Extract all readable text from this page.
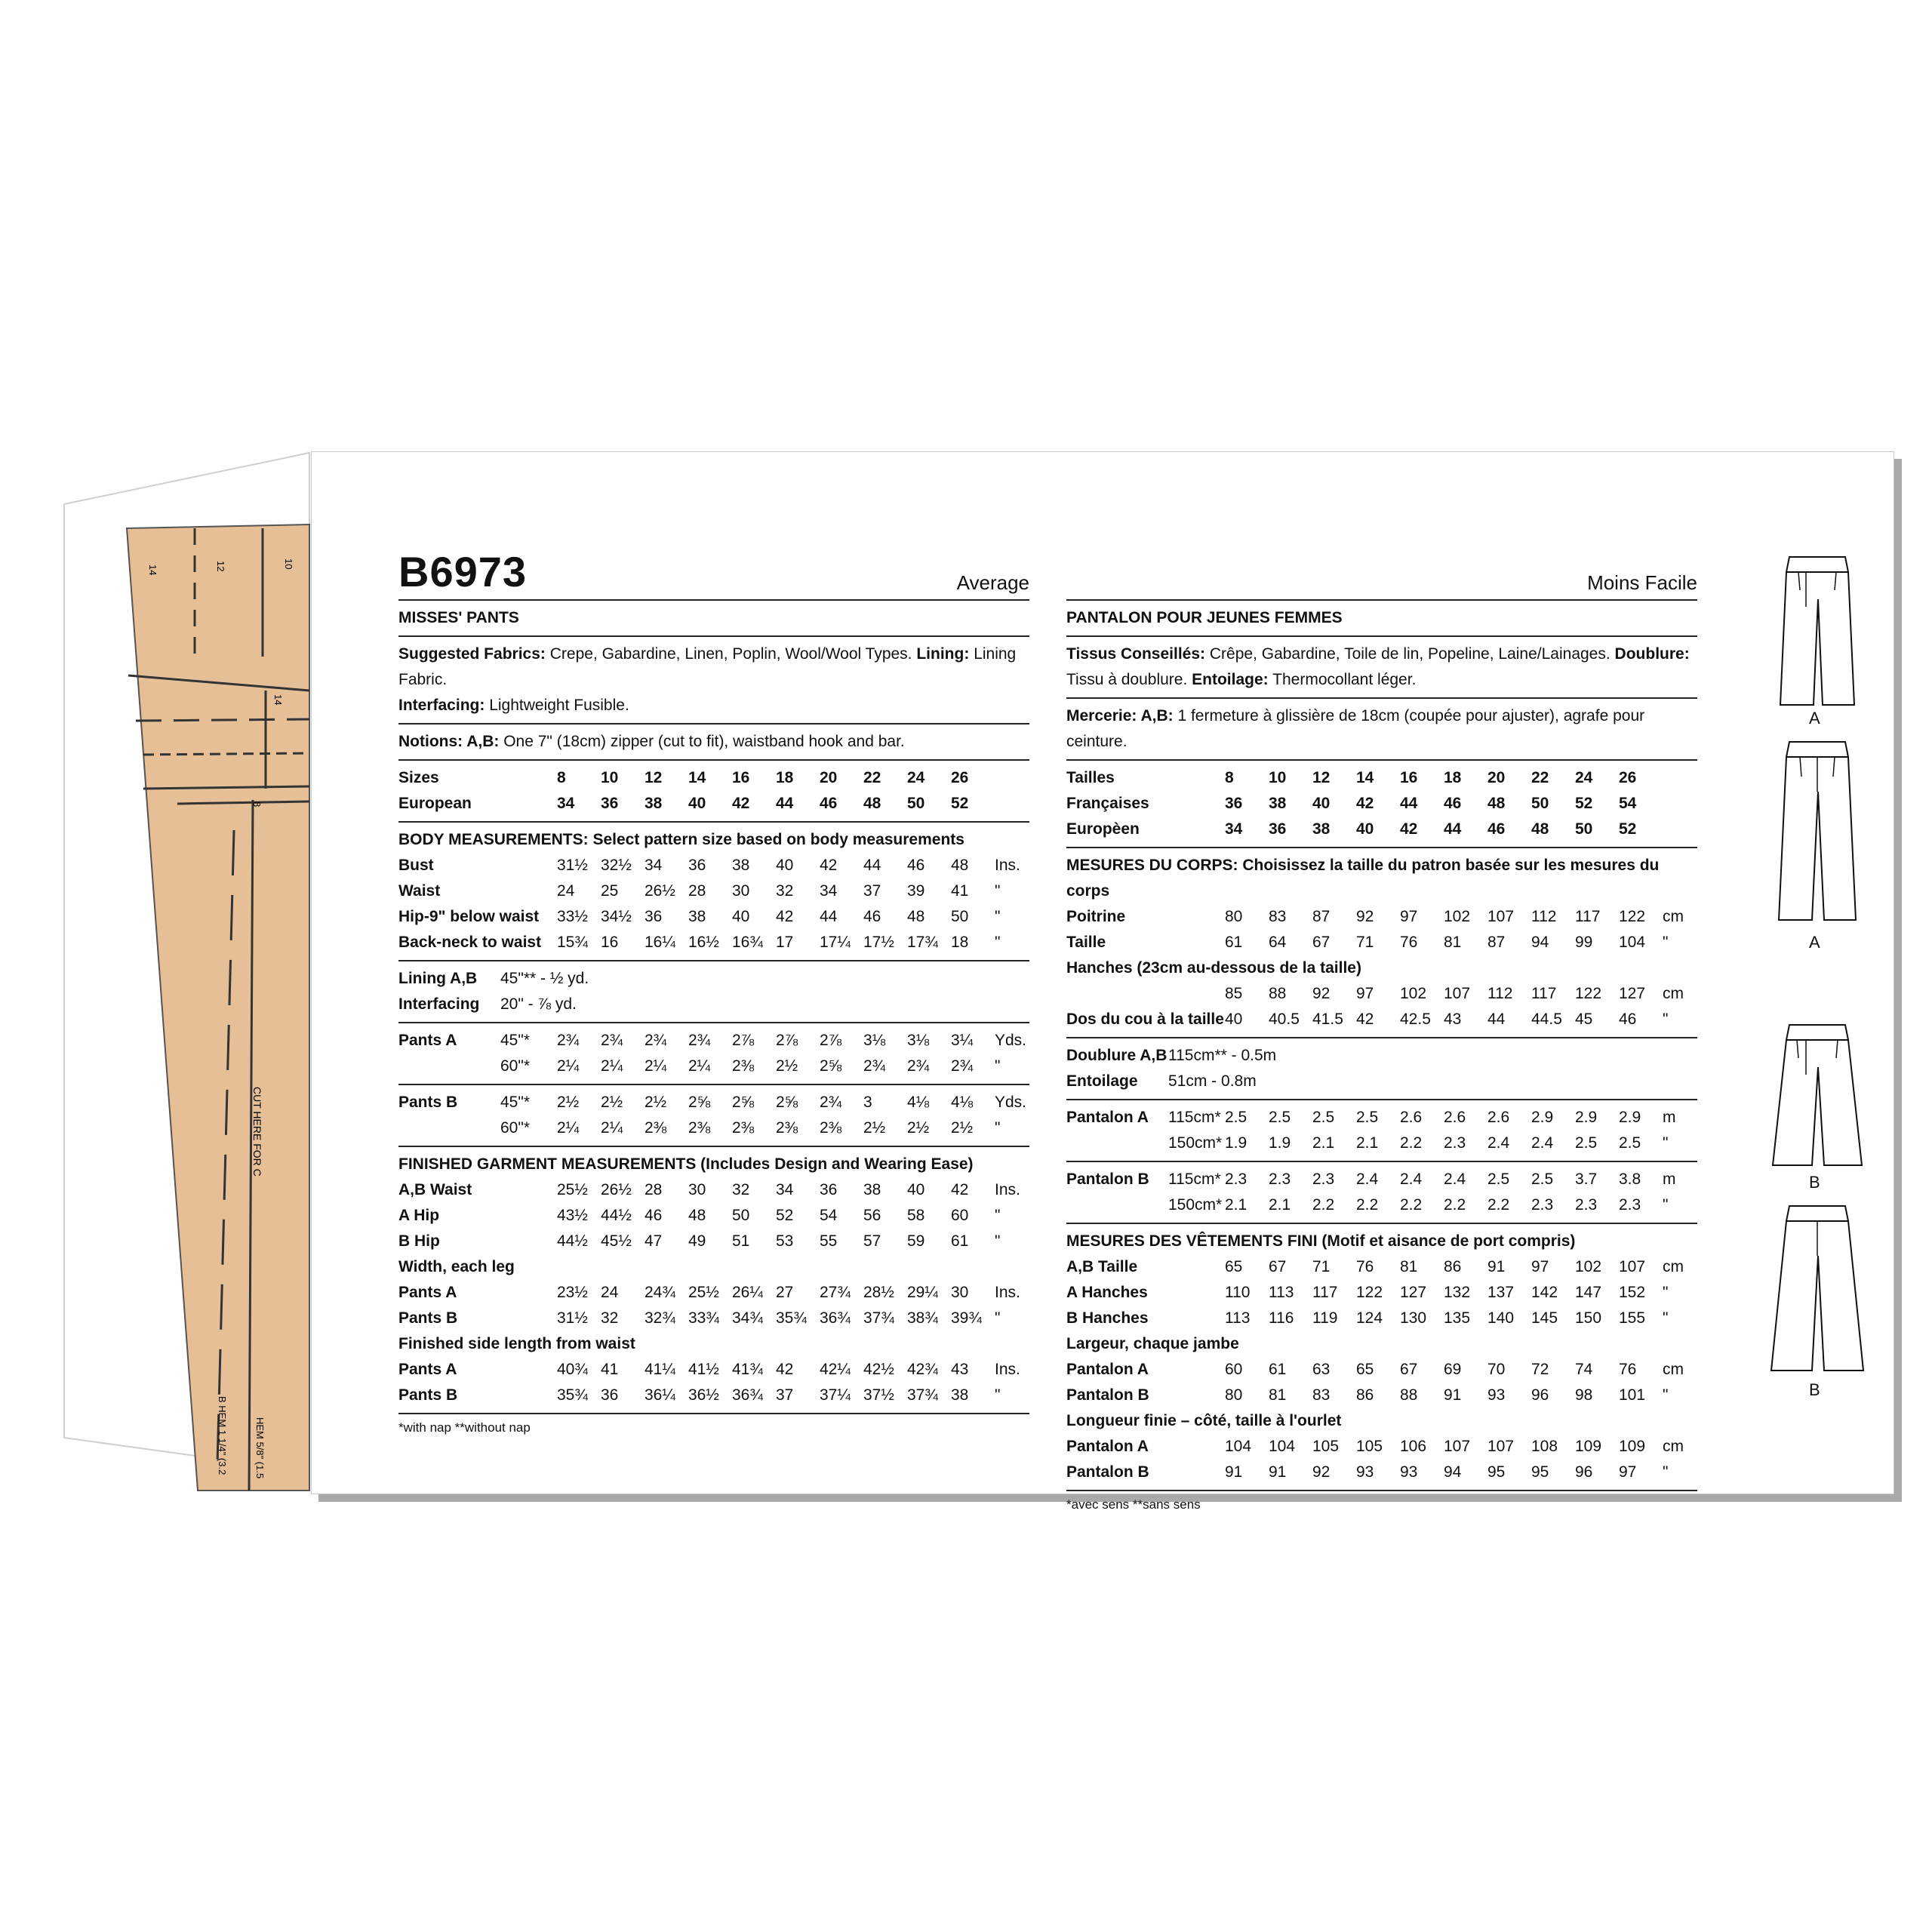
14	12	10
14
8
CUT HERE FOR C
B HEM 1 1/4" (3.2	HEM 5/8" (1.5
B6973	Average
MISSES' PANTS
Suggested Fabrics: Crepe, Gabardine, Linen, Poplin, Wool/Wool Types. Lining: Lining Fabric.
Interfacing: Lightweight Fusible.
Notions: A,B: One 7" (18cm) zipper (cut to fit), waistband hook and bar.
Sizes	8	10	12	14	16	18	20	22	24	26
European	34	36	38	40	42	44	46	48	50	52
BODY MEASUREMENTS: Select pattern size based on body measurements
Bust	31½	32½	34	36	38	40	42	44	46	48	Ins.
Waist	24	25	26½	28	30	32	34	37	39	41	"
Hip-9" below waist	33½	34½	36	38	40	42	44	46	48	50	"
Back-neck to waist	15¾	16	16¼	16½	16¾	17	17¼	17½	17¾	18	"
Lining A,B	45"** - ½ yd.
Interfacing	20" - ⅞ yd.
Pants A	45"*	2¾	2¾	2¾	2¾	2⅞	2⅞	2⅞	3⅛	3⅛	3¼	Yds.
	60"*	2¼	2¼	2¼	2¼	2⅜	2½	2⅝	2¾	2¾	2¾	"
Pants B	45"*	2½	2½	2½	2⅝	2⅝	2⅝	2¾	3	4⅛	4⅛	Yds.
	60"*	2¼	2¼	2⅜	2⅜	2⅜	2⅜	2⅜	2½	2½	2½	"
FINISHED GARMENT MEASUREMENTS (Includes Design and Wearing Ease)
A,B Waist	25½	26½	28	30	32	34	36	38	40	42	Ins.
A Hip	43½	44½	46	48	50	52	54	56	58	60	"
B Hip	44½	45½	47	49	51	53	55	57	59	61	"
Width, each leg
Pants A	23½	24	24¾	25½	26¼	27	27¾	28½	29¼	30	Ins.
Pants B	31½	32	32¾	33¾	34¾	35¾	36¾	37¾	38¾	39¾	"
Finished side length from waist
Pants A	40¾	41	41¼	41½	41¾	42	42¼	42½	42¾	43	Ins.
Pants B	35¾	36	36¼	36½	36¾	37	37¼	37½	37¾	38	"
*with nap **without nap
Moins Facile
PANTALON POUR JEUNES FEMMES
Tissus Conseillés: Crêpe, Gabardine, Toile de lin, Popeline, Laine/Lainages. Doublure: Tissu à doublure. Entoilage: Thermocollant léger.
Mercerie: A,B: 1 fermeture à glissière de 18cm (coupée pour ajuster), agrafe pour ceinture.
Tailles	8	10	12	14	16	18	20	22	24	26
Françaises	36	38	40	42	44	46	48	50	52	54
Europèen	34	36	38	40	42	44	46	48	50	52
MESURES DU CORPS: Choisissez la taille du patron basée sur les mesures du corps
Poitrine	80	83	87	92	97	102	107	112	117	122	cm
Taille	61	64	67	71	76	81	87	94	99	104	"
Hanches (23cm au-dessous de la taille)
	85	88	92	97	102	107	112	117	122	127	cm
Dos du cou à la taille	40	40.5	41.5	42	42.5	43	44	44.5	45	46	"
Doublure A,B	115cm** - 0.5m
Entoilage	51cm - 0.8m
Pantalon A	115cm*	2.5	2.5	2.5	2.5	2.6	2.6	2.6	2.9	2.9	2.9	m
	150cm*	1.9	1.9	2.1	2.1	2.2	2.3	2.4	2.4	2.5	2.5	"
Pantalon B	115cm*	2.3	2.3	2.3	2.4	2.4	2.4	2.5	2.5	3.7	3.8	m
	150cm*	2.1	2.1	2.2	2.2	2.2	2.2	2.2	2.3	2.3	2.3	"
MESURES DES VÊTEMENTS FINI (Motif et aisance de port compris)
A,B Taille	65	67	71	76	81	86	91	97	102	107	cm
A Hanches	110	113	117	122	127	132	137	142	147	152	"
B Hanches	113	116	119	124	130	135	140	145	150	155	"
Largeur, chaque jambe
Pantalon A	60	61	63	65	67	69	70	72	74	76	cm
Pantalon B	80	81	83	86	88	91	93	96	98	101	"
Longueur finie – côté, taille à l'ourlet
Pantalon A	104	104	105	105	106	107	107	108	109	109	cm
Pantalon B	91	91	92	93	93	94	95	95	96	97	"
*avec sens **sans sens
A
A
B
B
